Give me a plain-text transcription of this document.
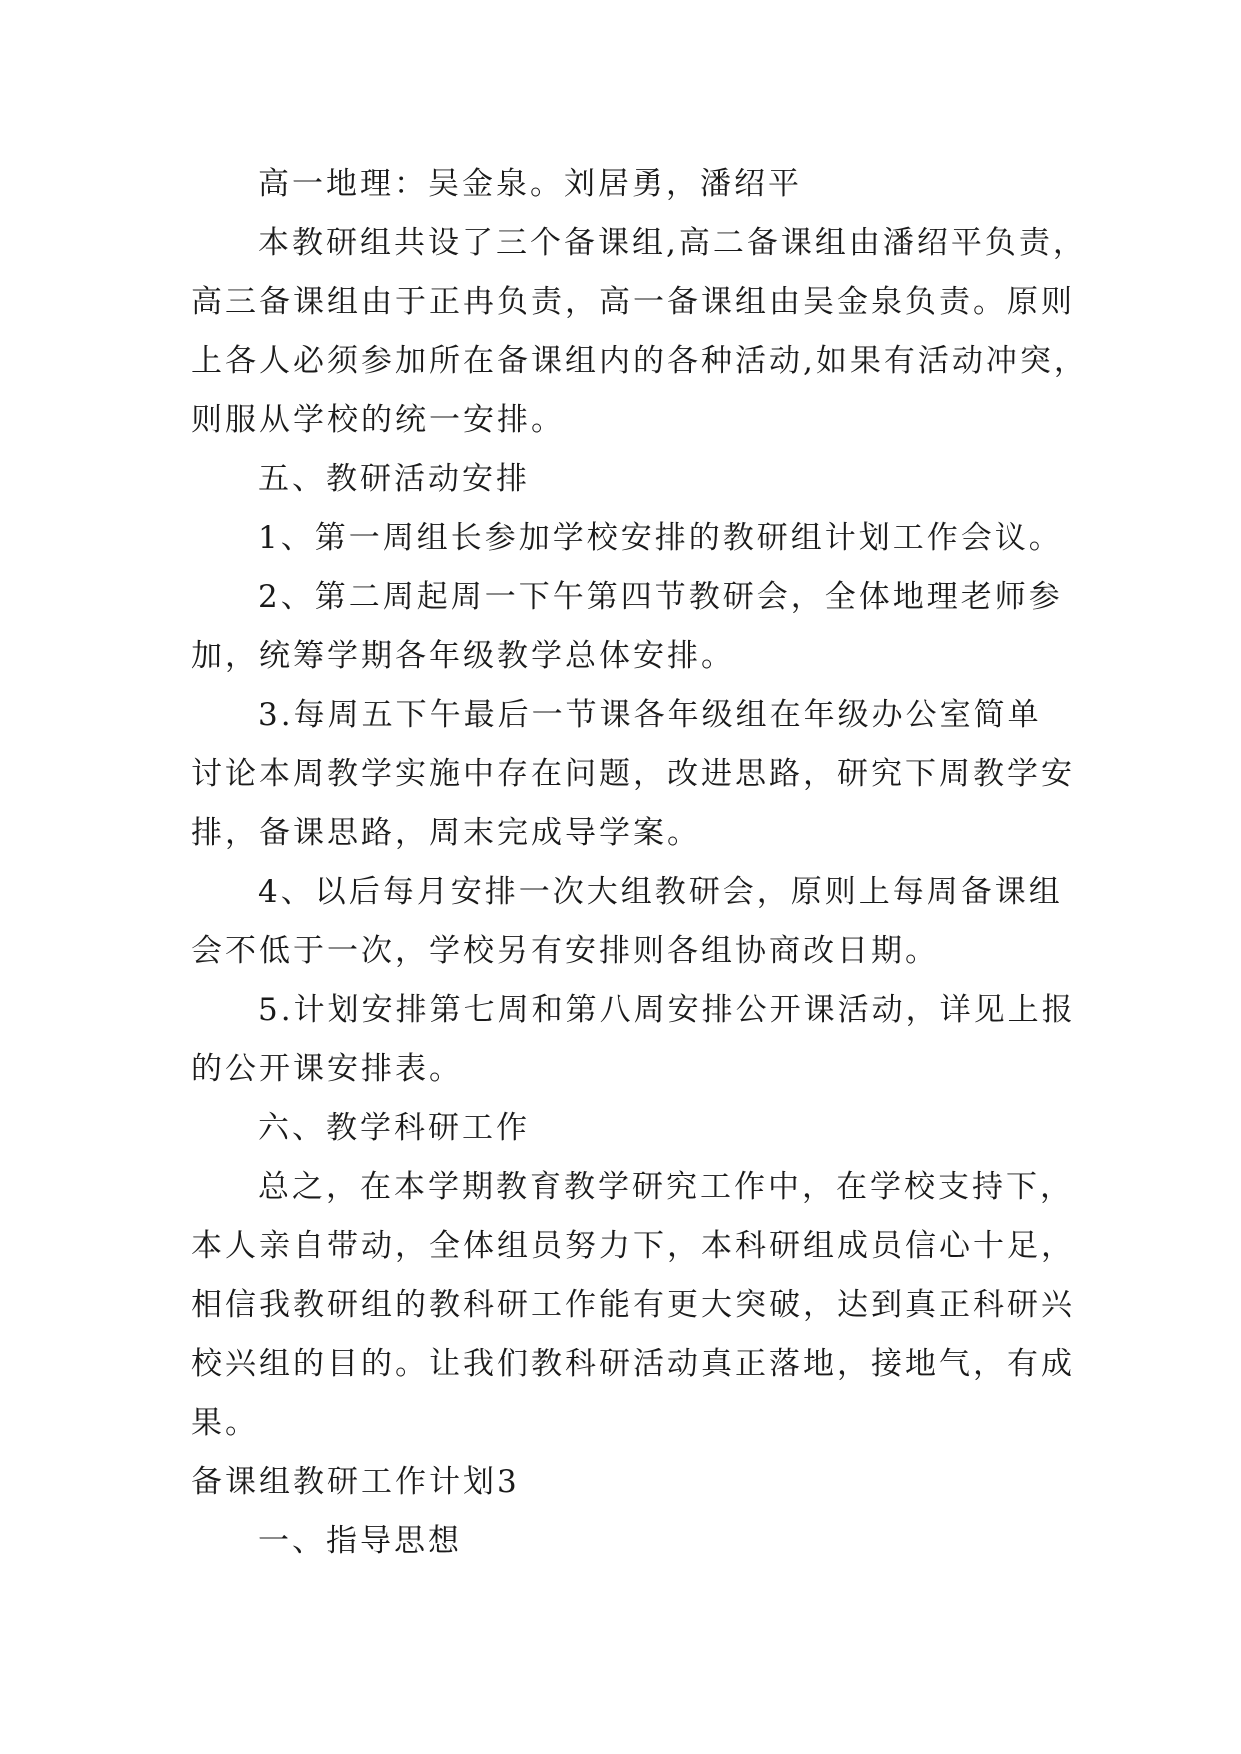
高一地理：吴金泉。刘居勇，潘绍平
本教研组共设了三个备课组,高二备课组由潘绍平负责，
高三备课组由于正冉负责，高一备课组由吴金泉负责。原则
上各人必须参加所在备课组内的各种活动,如果有活动冲突，
则服从学校的统一安排。
五、教研活动安排
1、第一周组长参加学校安排的教研组计划工作会议。
2、第二周起周一下午第四节教研会，全体地理老师参
加，统筹学期各年级教学总体安排。
3.每周五下午最后一节课各年级组在年级办公室简单
讨论本周教学实施中存在问题，改进思路，研究下周教学安
排，备课思路，周末完成导学案。
4、以后每月安排一次大组教研会，原则上每周备课组
会不低于一次，学校另有安排则各组协商改日期。
5.计划安排第七周和第八周安排公开课活动，详见上报
的公开课安排表。
六、教学科研工作
总之，在本学期教育教学研究工作中，在学校支持下，
本人亲自带动，全体组员努力下，本科研组成员信心十足，
相信我教研组的教科研工作能有更大突破，达到真正科研兴
校兴组的目的。让我们教科研活动真正落地，接地气，有成
果。
备课组教研工作计划3
一、指导思想
